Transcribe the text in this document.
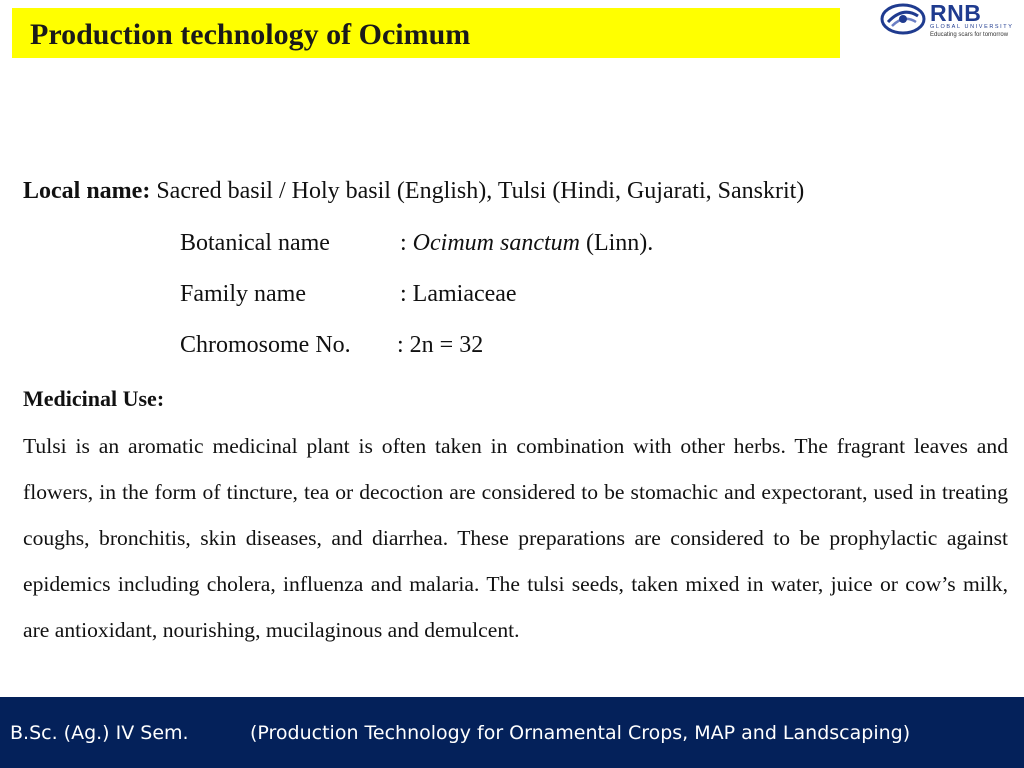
Production technology of Ocimum
RNB
GLOBAL UNIVERSITY
Educating scars for tomorrow
Local name: Sacred basil / Holy basil (English), Tulsi (Hindi, Gujarati, Sanskrit)
Botanical name	: Ocimum sanctum (Linn).
Family name	: Lamiaceae
Chromosome No. : 2n = 32
Medicinal Use:
Tulsi is an aromatic medicinal plant is often taken in combination with other herbs. The fragrant leaves and flowers, in the form of tincture, tea or decoction are considered to be stomachic and expectorant, used in treating coughs, bronchitis, skin diseases, and diarrhea. These preparations are considered to be prophylactic against epidemics including cholera, influenza and malaria. The tulsi seeds, taken mixed in water, juice or cow’s milk, are antioxidant, nourishing, mucilaginous and demulcent.
B.Sc. (Ag.) IV Sem.	(Production Technology for Ornamental Crops, MAP and Landscaping)
